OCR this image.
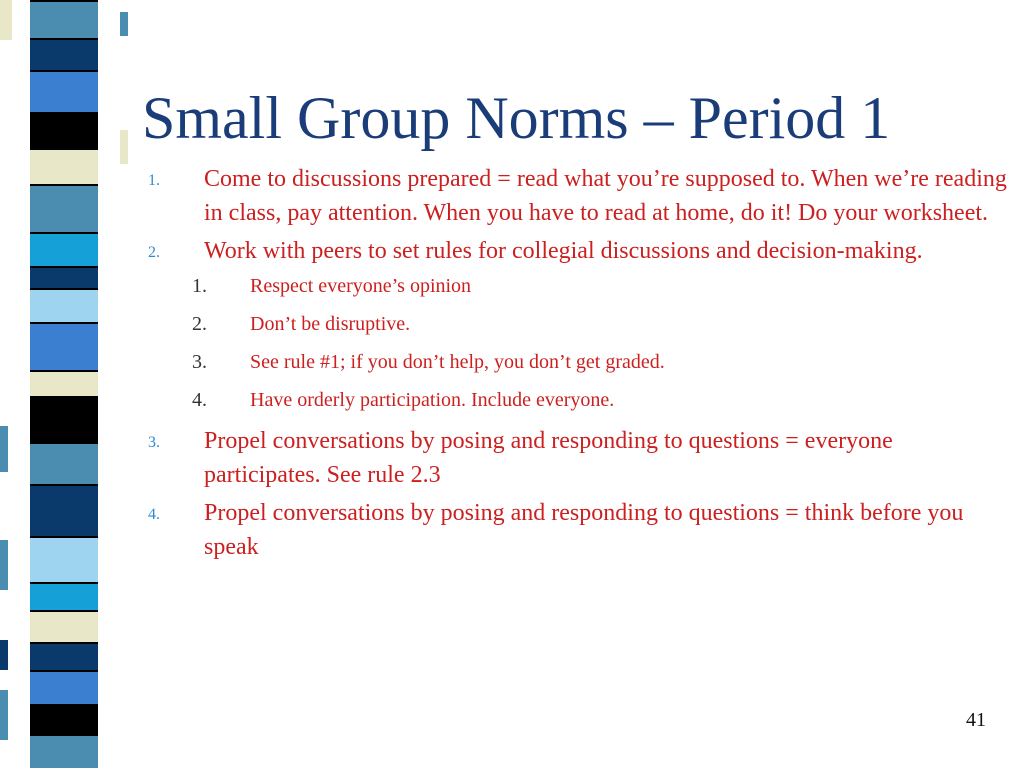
Small Group Norms – Period 1
1. Come to discussions prepared = read what you’re supposed to. When we’re reading in class, pay attention. When you have to read at home, do it! Do your worksheet.
2. Work with peers to set rules for collegial discussions and decision-making.
1. Respect everyone’s opinion
2. Don’t be disruptive.
3. See rule #1; if you don’t help, you don’t get graded.
4. Have orderly participation. Include everyone.
3. Propel conversations by posing and responding to questions = everyone participates. See rule 2.3
4. Propel conversations by posing and responding to questions = think before you speak
41
